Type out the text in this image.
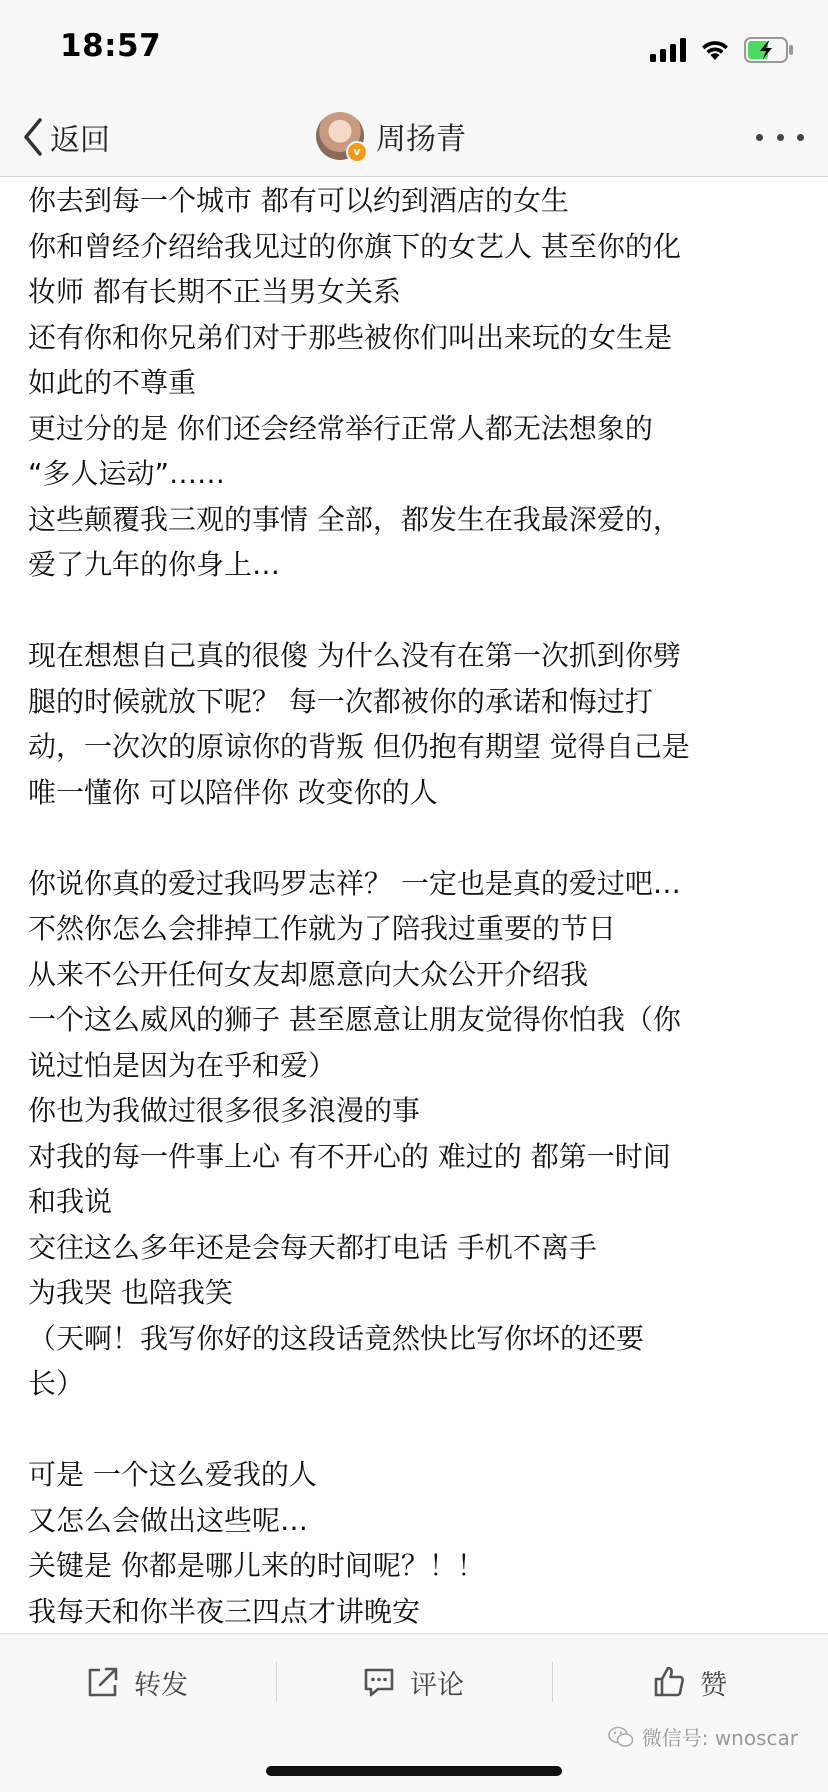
18:57
返回	v 周扬青
你去到每一个城市 都有可以约到酒店的女生
你和曾经介绍给我见过的你旗下的女艺人 甚至你的化
妆师 都有长期不正当男女关系
还有你和你兄弟们对于那些被你们叫出来玩的女生是
如此的不尊重
更过分的是 你们还会经常举行正常人都无法想象的
“多人运动”……
这些颠覆我三观的事情 全部，都发生在我最深爱的，
爱了九年的你身上…
现在想想自己真的很傻 为什么没有在第一次抓到你劈
腿的时候就放下呢？ 每一次都被你的承诺和悔过打
动，一次次的原谅你的背叛 但仍抱有期望 觉得自己是
唯一懂你 可以陪伴你 改变你的人
你说你真的爱过我吗罗志祥？ 一定也是真的爱过吧…
不然你怎么会排掉工作就为了陪我过重要的节日
从来不公开任何女友却愿意向大众公开介绍我
一个这么威风的狮子 甚至愿意让朋友觉得你怕我（你
说过怕是因为在乎和爱）
你也为我做过很多很多浪漫的事
对我的每一件事上心 有不开心的 难过的 都第一时间
和我说
交往这么多年还是会每天都打电话 手机不离手
为我哭 也陪我笑
（天啊！我写你好的这段话竟然快比写你坏的还要
长）
可是 一个这么爱我的人
又怎么会做出这些呢…
关键是 你都是哪儿来的时间呢？！！
我每天和你半夜三四点才讲晚安
转发	评论	赞
微信号: wnoscar
